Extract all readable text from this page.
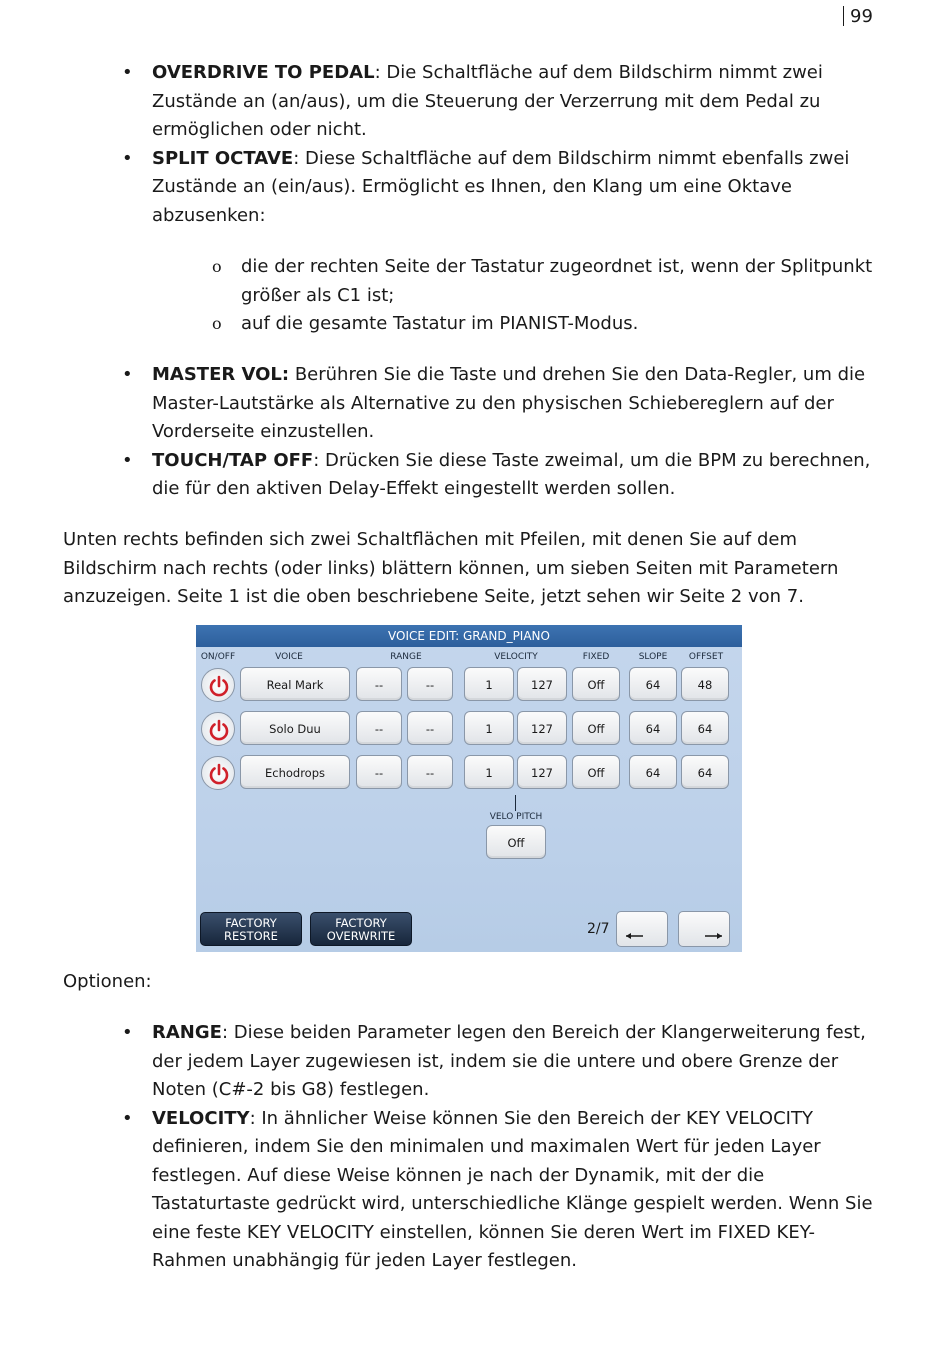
99
• OVERDRIVE TO PEDAL: Die Schaltfläche auf dem Bildschirm nimmt zwei Zustände an (an/aus), um die Steuerung der Verzerrung mit dem Pedal zu ermöglichen oder nicht.
• SPLIT OCTAVE: Diese Schaltfläche auf dem Bildschirm nimmt ebenfalls zwei Zustände an (ein/aus). Ermöglicht es Ihnen, den Klang um eine Oktave abzusenken:
o die der rechten Seite der Tastatur zugeordnet ist, wenn der Splitpunkt größer als C1 ist;
o auf die gesamte Tastatur im PIANIST-Modus.
• MASTER VOL: Berühren Sie die Taste und drehen Sie den Data-Regler, um die Master-Lautstärke als Alternative zu den physischen Schiebereglern auf der Vorderseite einzustellen.
• TOUCH/TAP OFF: Drücken Sie diese Taste zweimal, um die BPM zu berechnen, die für den aktiven Delay-Effekt eingestellt werden sollen.

Unten rechts befinden sich zwei Schaltflächen mit Pfeilen, mit denen Sie auf dem Bildschirm nach rechts (oder links) blättern können, um sieben Seiten mit Parametern anzuzeigen. Seite 1 ist die oben beschriebene Seite, jetzt sehen wir Seite 2 von 7.

VOICE EDIT: GRAND_PIANO
ON/OFF	VOICE	RANGE	VELOCITY	FIXED	SLOPE	OFFSET
Real Mark	--	--	1	127	Off	64	48
Solo Duu	--	--	1	127	Off	64	64
Echodrops	--	--	1	127	Off	64	64
VELO PITCH
Off
FACTORY
RESTORE
FACTORY
OVERWRITE	2/7

Optionen:

• RANGE: Diese beiden Parameter legen den Bereich der Klangerweiterung fest, der jedem Layer zugewiesen ist, indem sie die untere und obere Grenze der Noten (C#-2 bis G8) festlegen.
• VELOCITY: In ähnlicher Weise können Sie den Bereich der KEY VELOCITY definieren, indem Sie den minimalen und maximalen Wert für jeden Layer festlegen. Auf diese Weise können je nach der Dynamik, mit der die Tastaturtaste gedrückt wird, unterschiedliche Klänge gespielt werden. Wenn Sie eine feste KEY VELOCITY einstellen, können Sie deren Wert im FIXED KEY-Rahmen unabhängig für jeden Layer festlegen.
